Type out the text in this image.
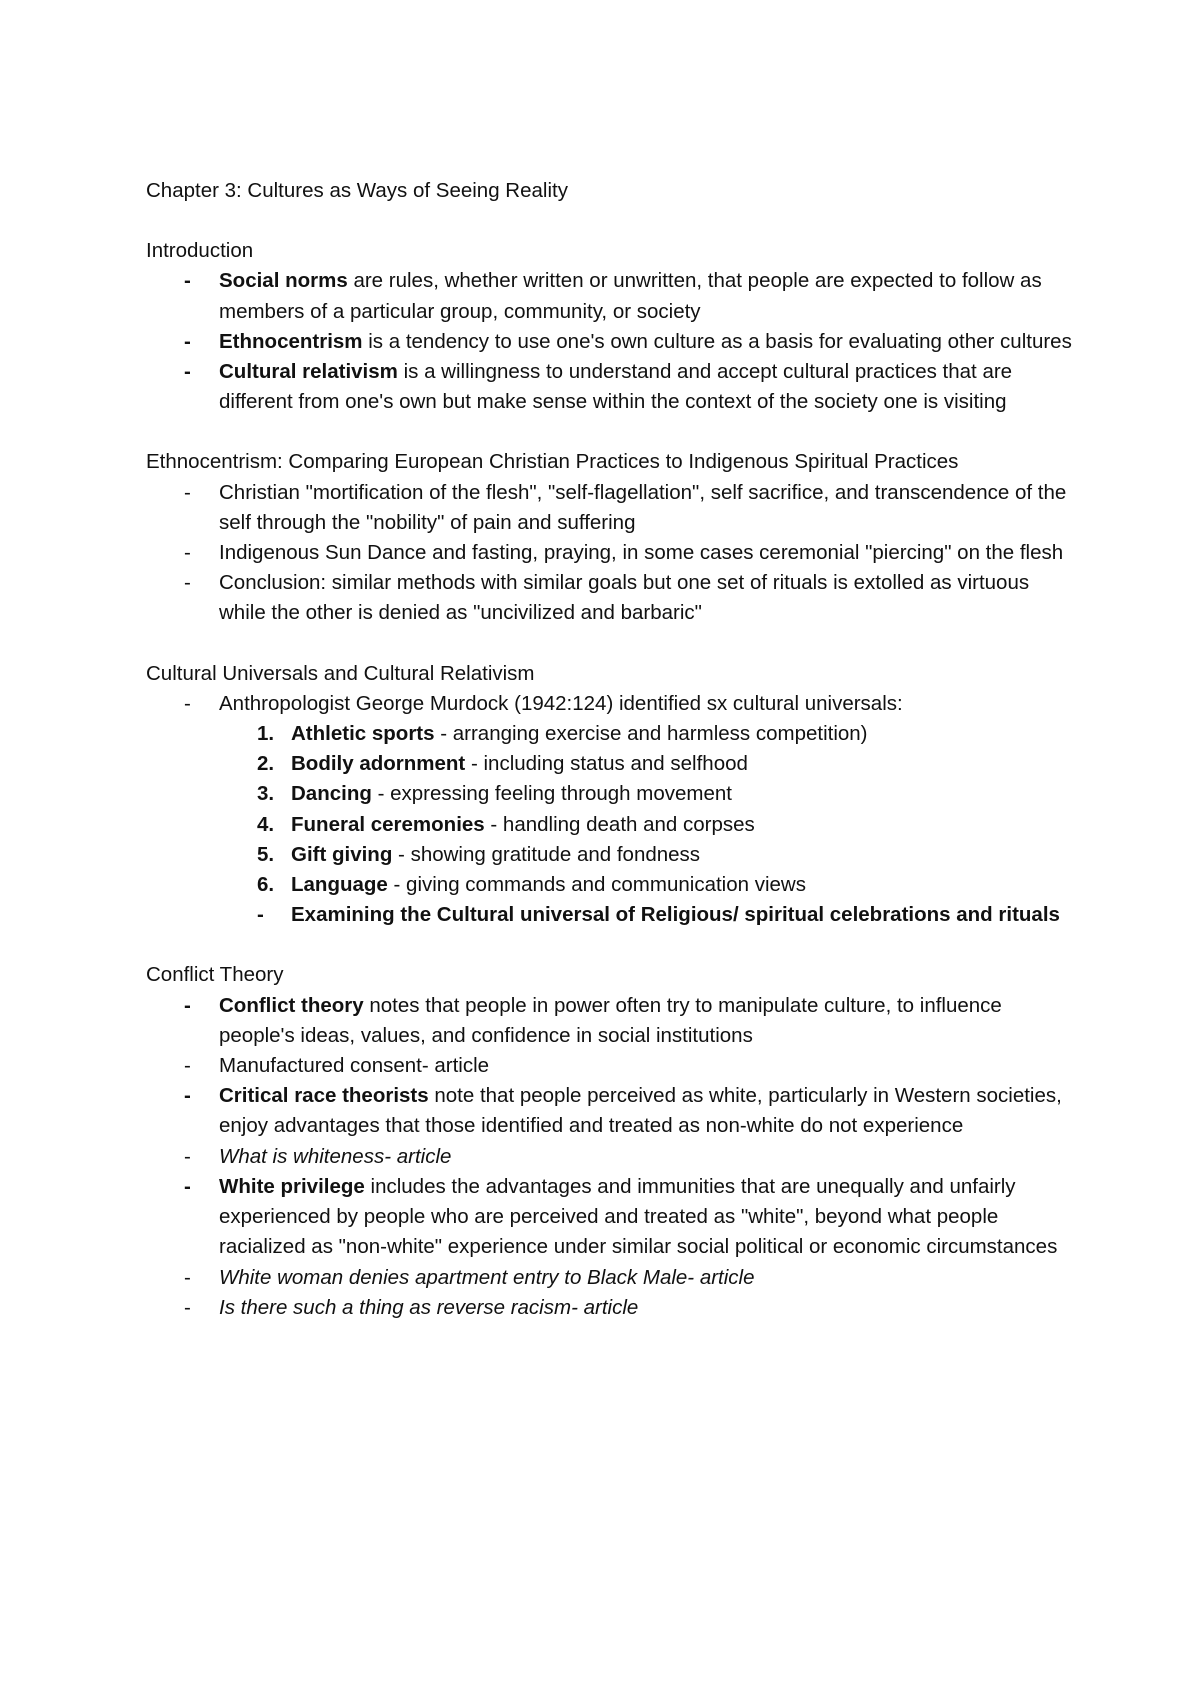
Chapter 3: Cultures as Ways of Seeing Reality
Introduction
- Social norms are rules, whether written or unwritten, that people are expected to follow as members of a particular group, community, or society
- Ethnocentrism is a tendency to use one's own culture as a basis for evaluating other cultures
- Cultural relativism is a willingness to understand and accept cultural practices that are different from one's own but make sense within the context of the society one is visiting
Ethnocentrism: Comparing European Christian Practices to Indigenous Spiritual Practices
- Christian "mortification of the flesh", "self-flagellation", self sacrifice, and transcendence of the self through the "nobility" of pain and suffering
- Indigenous Sun Dance and fasting, praying, in some cases ceremonial "piercing" on the flesh
- Conclusion: similar methods with similar goals but one set of rituals is extolled as virtuous while the other is denied as "uncivilized and barbaric"
Cultural Universals and Cultural Relativism
- Anthropologist George Murdock (1942:124) identified sx cultural universals:
1. Athletic sports - arranging exercise and harmless competition)
2. Bodily adornment - including status and selfhood
3. Dancing - expressing feeling through movement
4. Funeral ceremonies - handling death and corpses
5. Gift giving - showing gratitude and fondness
6. Language - giving commands and communication views
- Examining the Cultural universal of Religious/ spiritual celebrations and rituals
Conflict Theory
- Conflict theory notes that people in power often try to manipulate culture, to influence people's ideas, values, and confidence in social institutions
- Manufactured consent- article
- Critical race theorists note that people perceived as white, particularly in Western societies, enjoy advantages that those identified and treated as non-white do not experience
- What is whiteness- article
- White privilege includes the advantages and immunities that are unequally and unfairly experienced by people who are perceived and treated as "white", beyond what people racialized as "non-white" experience under similar social political or economic circumstances
- White woman denies apartment entry to Black Male- article
- Is there such a thing as reverse racism- article
